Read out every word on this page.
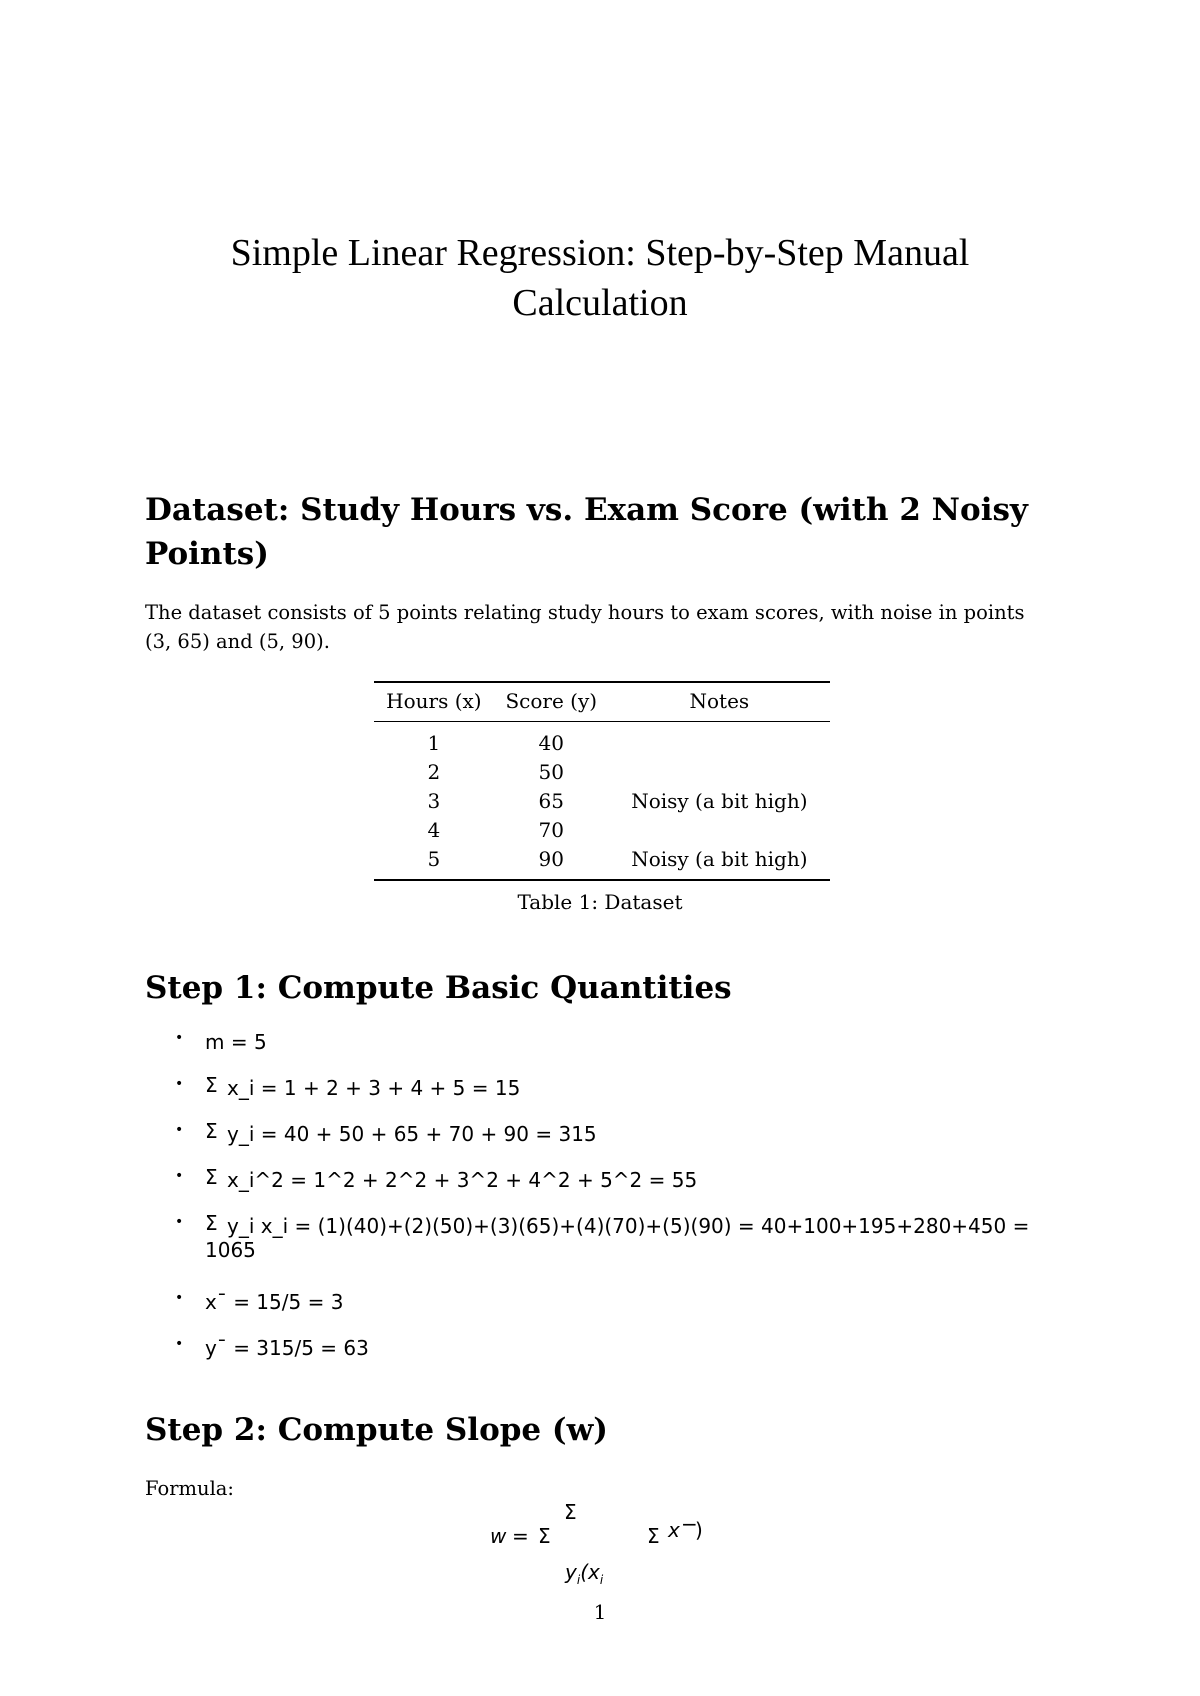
Simple Linear Regression: Step-by-Step Manual
Calculation
Dataset: Study Hours vs. Exam Score (with 2 Noisy
Points)
The dataset consists of 5 points relating study hours to exam scores, with noise in points
(3, 65) and (5, 90).
Hours (x)	Score (y)	Notes
1	40	
2	50	
3	65	Noisy (a bit high)
4	70	
5	90	Noisy (a bit high)
Table 1: Dataset
Step 1: Compute Basic Quantities
• m = 5
• Σ x_i = 1 + 2 + 3 + 4 + 5 = 15
• Σ y_i = 40 + 50 + 65 + 70 + 90 = 315
• Σ x_i^2 = 1^2 + 2^2 + 3^2 + 4^2 + 5^2 = 55
• Σ y_i x_i = (1)(40)+(2)(50)+(3)(65)+(4)(70)+(5)(90) = 40+100+195+280+450 = 1065
• x¯ = 15/5 = 3
• y¯ = 315/5 = 63
Step 2: Compute Slope (w)
Formula:
w = Σ
Σ
Σ x −
)
$y_i(x_i$
1
